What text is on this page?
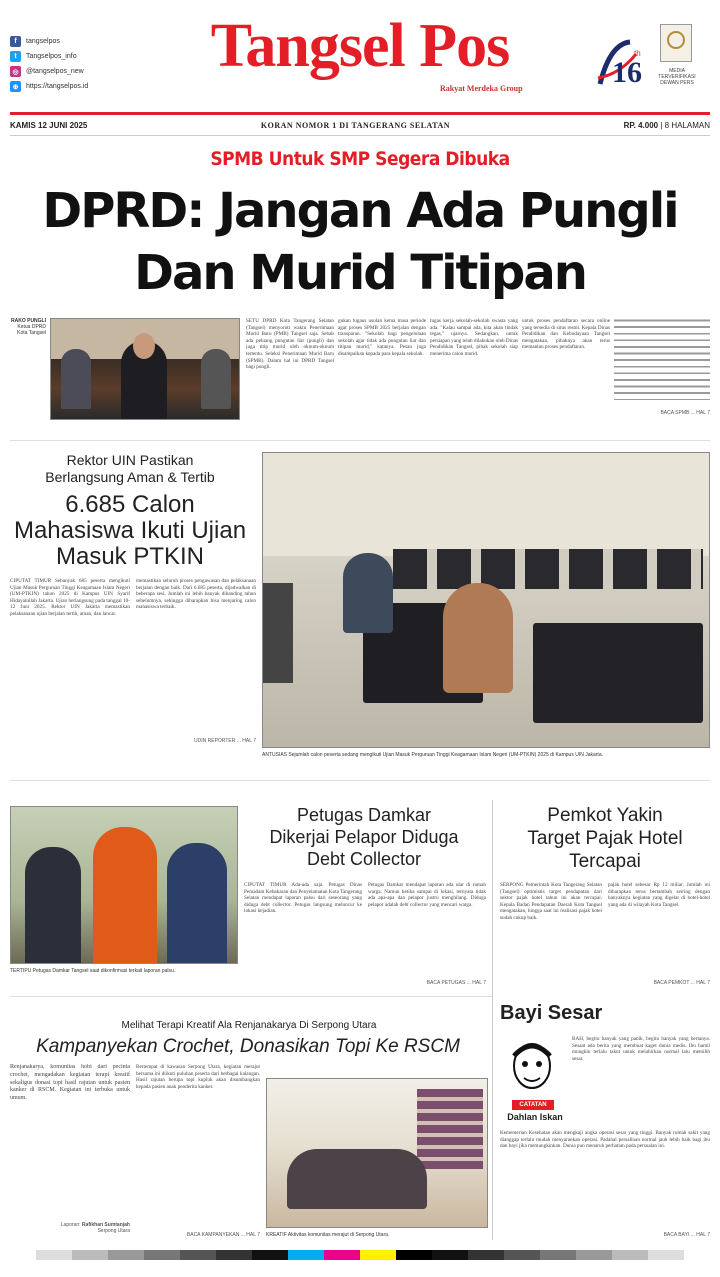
f	tangselpos
t	Tangselpos_info
◎	@tangselpos_new
⊕	https://tangselpos.id
Tangsel Pos
Rakyat Merdeka Group	16
th
MEDIA TERVERIFIKASI DEWAN PERS
KAMIS 12 JUNI 2025	KORAN NOMOR 1 DI TANGERANG SELATAN	RP. 4.000 | 8 HALAMAN
SPMB Untuk SMP Segera Dibuka
DPRD: Jangan Ada Pungli
Dan Murid Titipan
RAKO PUNGLI
Ketua DPRD Kota Tangsel
SETU DPRD Kota Tangerang Selatan (Tangsel) menyoroti waktu Penerimaan Murid Baru (PMB) Tangsel saja. Sebab ada peluang pungutan liar (pungli) dan juga titip murid oleh oknum-oknum tertentu. Seleksi Penerimaan Murid Baru (SPMB). Dalam hal ini DPRD Tangsel bagi pungli.
gukan tugaus usulan ketua masa periode agar proses SPMB 2025 berjalan dengan transparan. "Sekolah bagi pengelolaan sekolah agar tidak ada pungutan liar dan titipan murid," katanya. Pesan juga disampaikan kepada para kepala sekolah.
tugas kerja sekolah-sekolah swasta yang ada. "Kalau sampai ada, kita akan tindak tegas," ujarnya. Sedangkan, untuk persiapan yang telah dilakukan oleh Dinas Pendidikan Tangsel, pihak sekolah siap menerima calon murid.
untuk proses pendaftaran secara online yang tersedia di situs resmi. Kepala Dinas Pendidikan dan Kebudayaan Tangsel mengatakan, pihaknya akan terus memantau proses pendaftaran.
BACA SPMB ... HAL 7
Rektor UIN Pastikan
Berlangsung Aman & Tertib
6.685 Calon
Mahasiswa Ikuti Ujian
Masuk PTKIN
CIPUTAT TIMUR Sebanyak 685 peserta mengikuti Ujian Masuk Perguruan Tinggi Keagamaan Islam Negeri (UM-PTKIN) tahun 2025 di Kampus UIN Syarif Hidayatullah Jakarta. Ujian berlangsung pada tanggal 10-12 Juni 2025. Rektor UIN Jakarta memastikan pelaksanaan ujian berjalan tertib, aman, dan lancar.
memastikan seluruh proses pengawasan dan pelaksanaan berjalan dengan baik. Dari 6.685 peserta, dijadwalkan di beberapa sesi. Jumlah ini lebih banyak dibanding tahun sebelumnya, sehingga diharapkan bisa menjaring calon mahasiswa terbaik.
UDIN REPORTER ... HAL 7
ANTUSIAS Sejumlah calon peserta sedang mengikuti Ujian Masuk Perguruan Tinggi Keagamaan Islam Negeri (UM-PTKIN) 2025 di Kampus UIN Jakarta.
TERTIPU Petugas Damkar Tangsel saat dikonfirmasi terkait laporan palsu.
Petugas Damkar
Dikerjai Pelapor Diduga
Debt Collector
CIPUTAT TIMUR Ada-ada saja. Petugas Dinas Pemadam Kebakaran dan Penyelamatan Kota Tangerang Selatan mendapat laporan palsu dari seseorang yang diduga debt collector. Petugas langsung meluncur ke lokasi kejadian.
Petugas Damkar mendapat laporan ada ular di rumah warga. Namun ketika sampai di lokasi, ternyata tidak ada apa-apa dan pelapor justru menghilang. Diduga pelapor adalah debt collector yang mencari warga.
BACA PETUGAS ... HAL 7
Pemkot Yakin
Target Pajak Hotel
Tercapai
SERPONG Pemerintah Kota Tangerang Selatan (Tangsel) optimistis target pendapatan dari sektor pajak hotel tahun ini akan tercapai. Kepala Badan Pendapatan Daerah Kota Tangsel mengatakan, hingga saat ini realisasi pajak hotel sudah cukup baik.
pajak hotel sebesar Rp 12 miliar. Jumlah ini diharapkan terus bertambah seiring dengan banyaknya kegiatan yang digelar di hotel-hotel yang ada di wilayah Kota Tangsel.
BACA PEMKOT ... HAL 7
Melihat Terapi Kreatif Ala Renjanakarya Di Serpong Utara
Kampanyekan Crochet, Donasikan Topi Ke RSCM
Renjanakarya, komunitas hobi dari pecinta crochet, mengadakan kegiatan terapi kreatif sekaligus donasi topi hasil rajutan untuk pasien kanker di RSCM. Kegiatan ini terbuka untuk umum.
Bertempat di kawasan Serpong Utara, kegiatan merajut bersama ini diikuti puluhan peserta dari berbagai kalangan. Hasil rajutan berupa topi kupluk akan disumbangkan kepada pasien anak penderita kanker.
Laporan: Rafikhan Sumtanjah
Serpong Utara
BACA KAMPANYEKAN ... HAL 7 KREATIF Aktivitas komunitas merajut di Serpong Utara.
Bayi Sesar
CATATAN
Dahlan Iskan
BAH, begitu banyak yang panik, begitu banyak yang bertanya. Sesaat ada berita yang membuat kaget dunia medis. Ibu hamil mungkin terlalu takut untuk melahirkan normal lalu memilih sesar.
Kementerian Kesehatan akan mengkaji angka operasi sesar yang tinggi. Banyak rumah sakit yang dianggap terlalu mudah menyarankan operasi. Padahal persalinan normal jauh lebih baik bagi ibu dan bayi jika memungkinkan. Dunia pun menaruh perhatian pada persoalan ini.
BACA BAYI ... HAL 7
